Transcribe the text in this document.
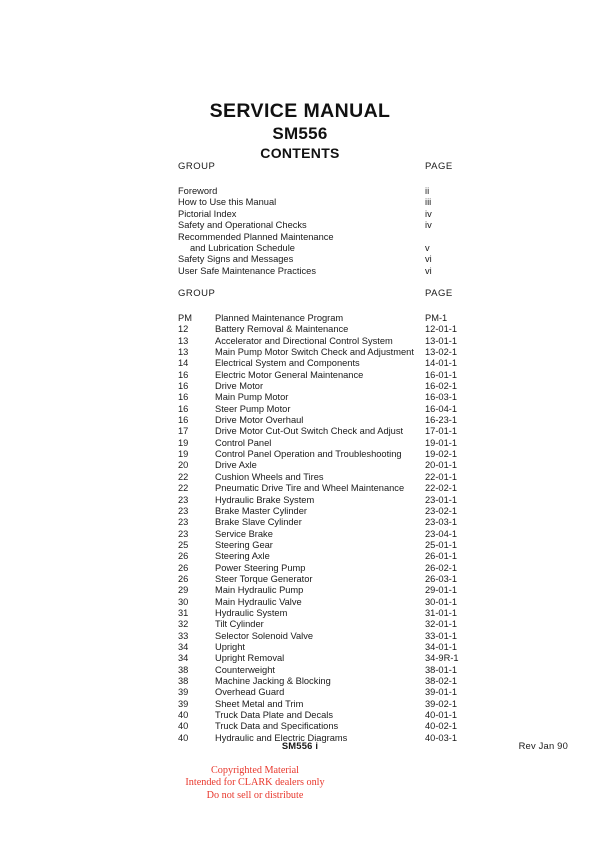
SERVICE MANUAL
SM556
CONTENTS
GROUP	PAGE
Foreword	ii
How to Use this Manual	iii
Pictorial Index	iv
Safety and Operational Checks	iv
Recommended Planned Maintenance
and Lubrication Schedule	v
Safety Signs and Messages	vi
User Safe Maintenance Practices	vi
GROUP	PAGE
PM	Planned Maintenance Program	PM-1
12	Battery Removal & Maintenance	12-01-1
13	Accelerator and Directional Control System	13-01-1
13	Main Pump Motor Switch Check and Adjustment 13-02-1
14	Electrical System and Components	14-01-1
16	Electric Motor General Maintenance	16-01-1
16	Drive Motor	16-02-1
16	Main Pump Motor	16-03-1
16	Steer Pump Motor	16-04-1
16	Drive Motor Overhaul	16-23-1
17	Drive Motor Cut-Out Switch Check and Adjust 17-01-1
19	Control Panel	19-01-1
19	Control Panel Operation and Troubleshooting	19-02-1
20	Drive Axle	20-01-1
22	Cushion Wheels and Tires	22-01-1
22	Pneumatic Drive Tire and Wheel Maintenance 22-02-1
23	Hydraulic Brake System	23-01-1
23	Brake Master Cylinder	23-02-1
23	Brake Slave Cylinder	23-03-1
23	Service Brake	23-04-1
25	Steering Gear	25-01-1
26	Steering Axle	26-01-1
26	Power Steering Pump	26-02-1
26	Steer Torque Generator	26-03-1
29	Main Hydraulic Pump	29-01-1
30	Main Hydraulic Valve	30-01-1
31	Hydraulic System	31-01-1
32	Tilt Cylinder	32-01-1
33	Selector Solenoid Valve	33-01-1
34	Upright	34-01-1
34	Upright Removal	34-9R-1
38	Counterweight	38-01-1
38	Machine Jacking & Blocking	38-02-1
39	Overhead Guard	39-01-1
39	Sheet Metal and Trim	39-02-1
40	Truck Data Plate and Decals	40-01-1
40	Truck Data and Specifications	40-02-1
40	Hydraulic and Electric Diagrams	40-03-1
SM556 i	Rev Jan 90
Copyrighted Material
Intended for CLARK dealers only
Do not sell or distribute
